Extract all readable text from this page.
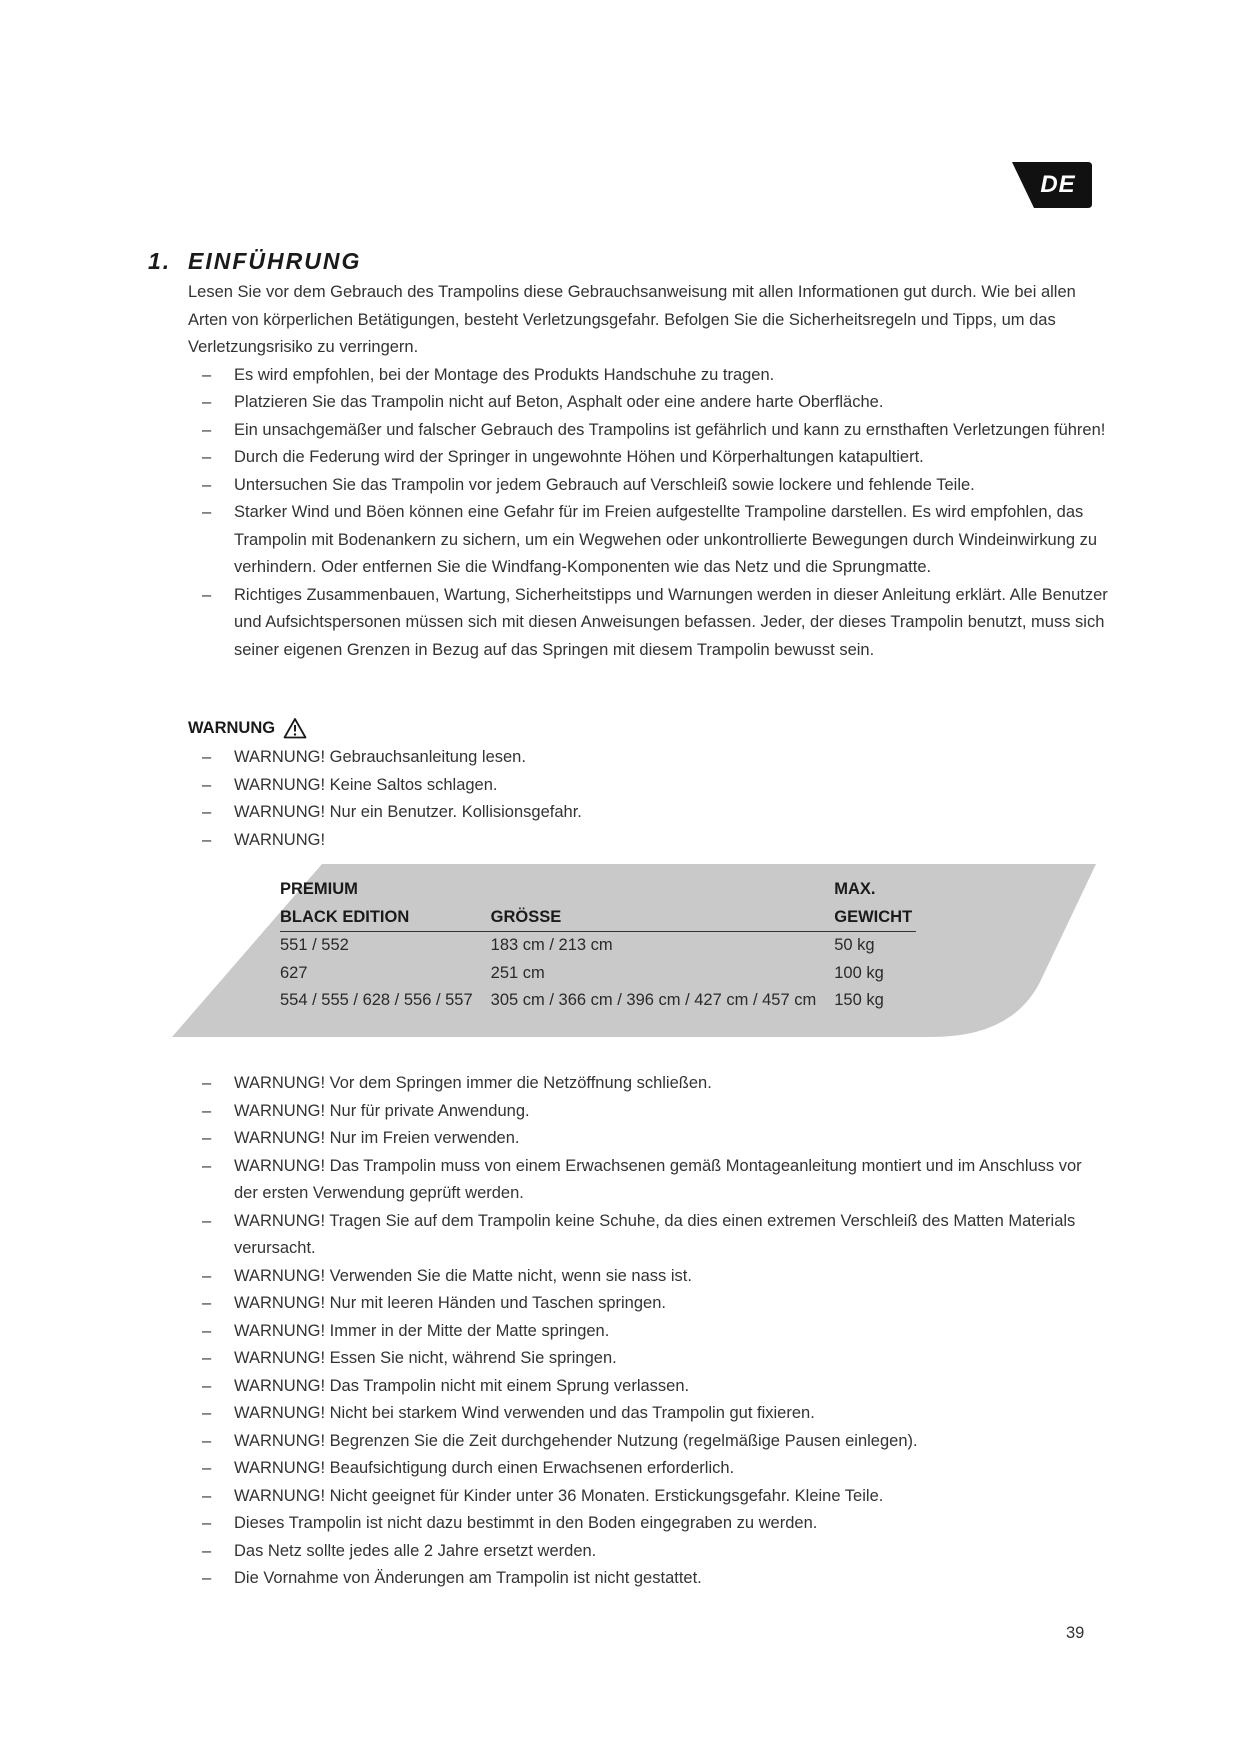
DE
1. EINFÜHRUNG
Lesen Sie vor dem Gebrauch des Trampolins diese Gebrauchsanweisung mit allen Informationen gut durch. Wie bei allen Arten von körperlichen Betätigungen, besteht Verletzungsgefahr. Befolgen Sie die Sicherheitsregeln und Tipps, um das Verletzungsrisiko zu verringern.
– Es wird empfohlen, bei der Montage des Produkts Handschuhe zu tragen.
– Platzieren Sie das Trampolin nicht auf Beton, Asphalt oder eine andere harte Oberfläche.
– Ein unsachgemäßer und falscher Gebrauch des Trampolins ist gefährlich und kann zu ernsthaften Verletzungen führen!
– Durch die Federung wird der Springer in ungewohnte Höhen und Körperhaltungen katapultiert.
– Untersuchen Sie das Trampolin vor jedem Gebrauch auf Verschleiß sowie lockere und fehlende Teile.
– Starker Wind und Böen können eine Gefahr für im Freien aufgestellte Trampoline darstellen. Es wird empfohlen, das Trampolin mit Bodenankern zu sichern, um ein Wegwehen oder unkontrollierte Bewegungen durch Windeinwirkung zu verhindern. Oder entfernen Sie die Windfang-Komponenten wie das Netz und die Sprungmatte.
– Richtiges Zusammenbauen, Wartung, Sicherheitstipps und Warnungen werden in dieser Anleitung erklärt. Alle Benutzer und Aufsichtspersonen müssen sich mit diesen Anweisungen befassen. Jeder, der dieses Trampolin benutzt, muss sich seiner eigenen Grenzen in Bezug auf das Springen mit diesem Trampolin bewusst sein.
WARNUNG
– WARNUNG! Gebrauchsanleitung lesen.
– WARNUNG! Keine Saltos schlagen.
– WARNUNG! Nur ein Benutzer. Kollisionsgefahr.
– WARNUNG!
PREMIUM		MAX.
BLACK EDITION	GRÖSSE	GEWICHT
551 / 552	183 cm / 213 cm	50 kg
627	251 cm	100 kg
554 / 555 / 628 / 556 / 557	305 cm / 366 cm / 396 cm / 427 cm / 457 cm	150 kg
– WARNUNG! Vor dem Springen immer die Netzöffnung schließen.
– WARNUNG! Nur für private Anwendung.
– WARNUNG! Nur im Freien verwenden.
– WARNUNG! Das Trampolin muss von einem Erwachsenen gemäß Montageanleitung montiert und im Anschluss vor der ersten Verwendung geprüft werden.
– WARNUNG! Tragen Sie auf dem Trampolin keine Schuhe, da dies einen extremen Verschleiß des Matten Materials verursacht.
– WARNUNG! Verwenden Sie die Matte nicht, wenn sie nass ist.
– WARNUNG! Nur mit leeren Händen und Taschen springen.
– WARNUNG! Immer in der Mitte der Matte springen.
– WARNUNG! Essen Sie nicht, während Sie springen.
– WARNUNG! Das Trampolin nicht mit einem Sprung verlassen.
– WARNUNG! Nicht bei starkem Wind verwenden und das Trampolin gut fixieren.
– WARNUNG! Begrenzen Sie die Zeit durchgehender Nutzung (regelmäßige Pausen einlegen).
– WARNUNG! Beaufsichtigung durch einen Erwachsenen erforderlich.
– WARNUNG! Nicht geeignet für Kinder unter 36 Monaten. Erstickungsgefahr. Kleine Teile.
– Dieses Trampolin ist nicht dazu bestimmt in den Boden eingegraben zu werden.
– Das Netz sollte jedes alle 2 Jahre ersetzt werden.
– Die Vornahme von Änderungen am Trampolin ist nicht gestattet.
39
